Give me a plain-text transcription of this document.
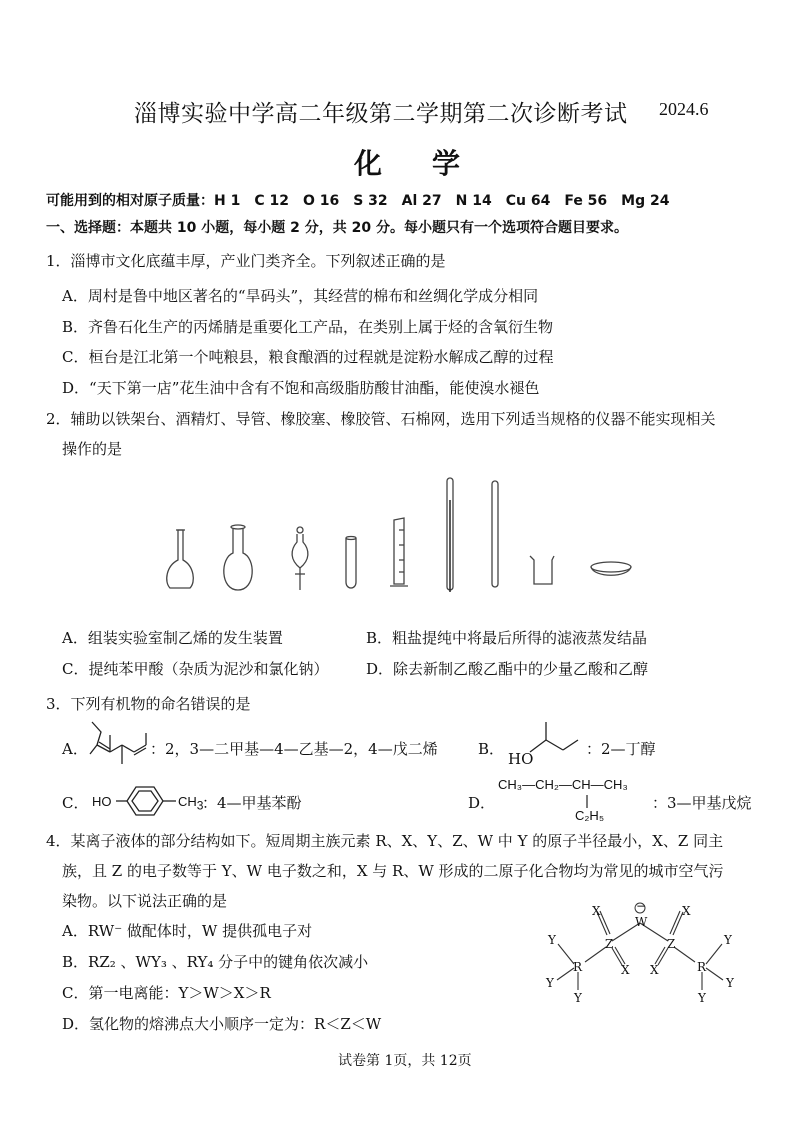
淄博实验中学高二年级第二学期第二次诊断考试 2024.6
化学
可能用到的相对原子质量：H 1　C 12　O 16　S 32　Al 27　N 14　Cu 64　Fe 56　Mg 24
一、选择题：本题共 10 小题，每小题 2 分，共 20 分。每小题只有一个选项符合题目要求。
1．淄博市文化底蕴丰厚，产业门类齐全。下列叙述正确的是
A．周村是鲁中地区著名的“旱码头”，其经营的棉布和丝绸化学成分相同
B．齐鲁石化生产的丙烯腈是重要化工产品，在类别上属于烃的含氧衍生物
C．桓台是江北第一个吨粮县，粮食酿酒的过程就是淀粉水解成乙醇的过程
D．“天下第一店”花生油中含有不饱和高级脂肪酸甘油酯，能使溴水褪色
2．辅助以铁架台、酒精灯、导管、橡胶塞、橡胶管、石棉网，选用下列适当规格的仪器不能实现相关
操作的是
A．组装实验室制乙烯的发生装置	B．粗盐提纯中将最后所得的滤液蒸发结晶
C．提纯苯甲酸（杂质为泥沙和氯化钠）	D．除去新制乙酸乙酯中的少量乙酸和乙醇
3．下列有机物的命名错误的是
A．	：2，3—二甲基—4—乙基—2，4—戊二烯	B．
HO
：2—丁醇
C． HO	$CH_3$
：4—甲基苯酚	D．
CH₃—CH₂—CH—CH₃
C₂H₅
：3—甲基戊烷
4．某离子液体的部分结构如下。短周期主族元素 R、X、Y、Z、W 中 Y 的原子半径最小，X、Z 同主
族，且 Z 的电子数等于 Y、W 电子数之和，X 与 R、W 形成的二原子化合物均为常见的城市空气污
染物。以下说法正确的是
A．RW⁻ 做配体时，W 提供孤电子对
B．RZ₂ 、WY₃ 、RY₄ 分子中的键角依次减小
C．第一电离能：Y＞W＞X＞R
D．氢化物的熔沸点大小顺序一定为：R＜Z＜W
−
W
X	X
Z	Z
X X
R	R
Y
Y
Y
Y
Y
Y
试卷第 1页，共 12页
